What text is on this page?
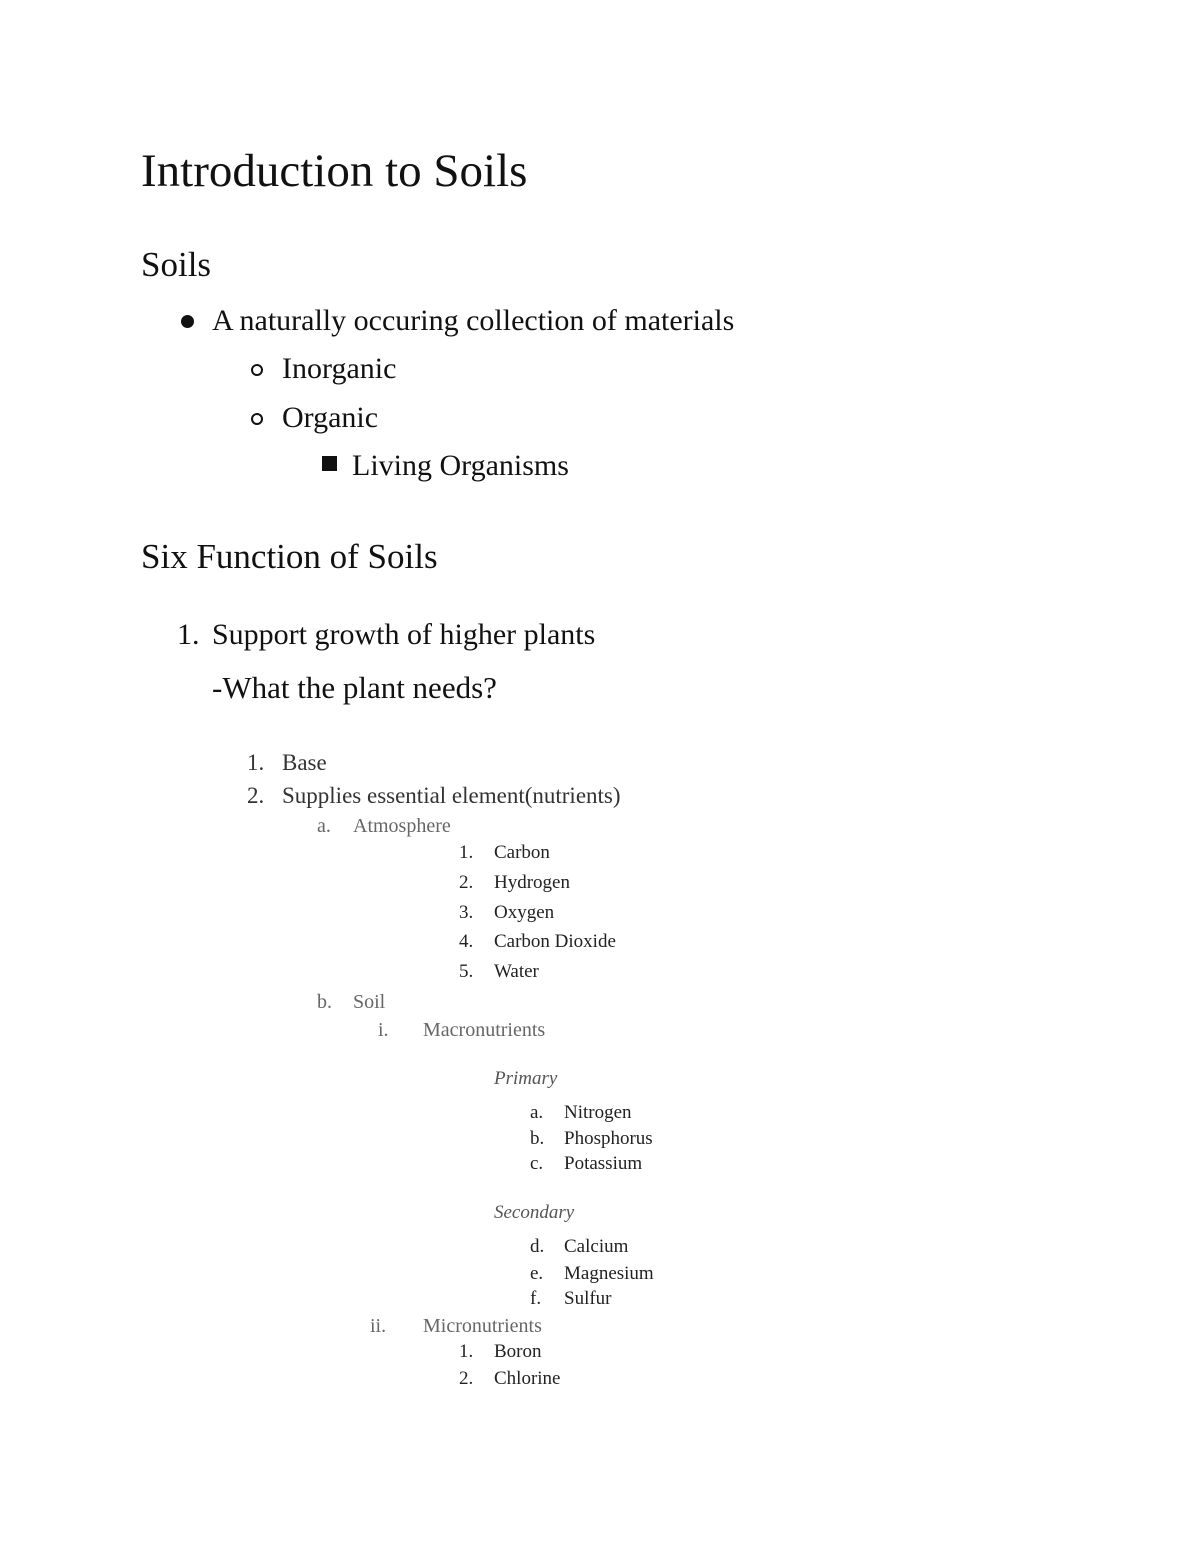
Introduction to Soils
Soils
A naturally occuring collection of materials
Inorganic
Organic
Living Organisms
Six Function of Soils
1. Support growth of higher plants
-What the plant needs?
1. Base
2. Supplies essential element(nutrients)
a. Atmosphere
1. Carbon
2. Hydrogen
3. Oxygen
4. Carbon Dioxide
5. Water
b. Soil
i. Macronutrients
Primary
a. Nitrogen
b. Phosphorus
c. Potassium
Secondary
d. Calcium
e. Magnesium
f. Sulfur
ii. Micronutrients
1. Boron
2. Chlorine
